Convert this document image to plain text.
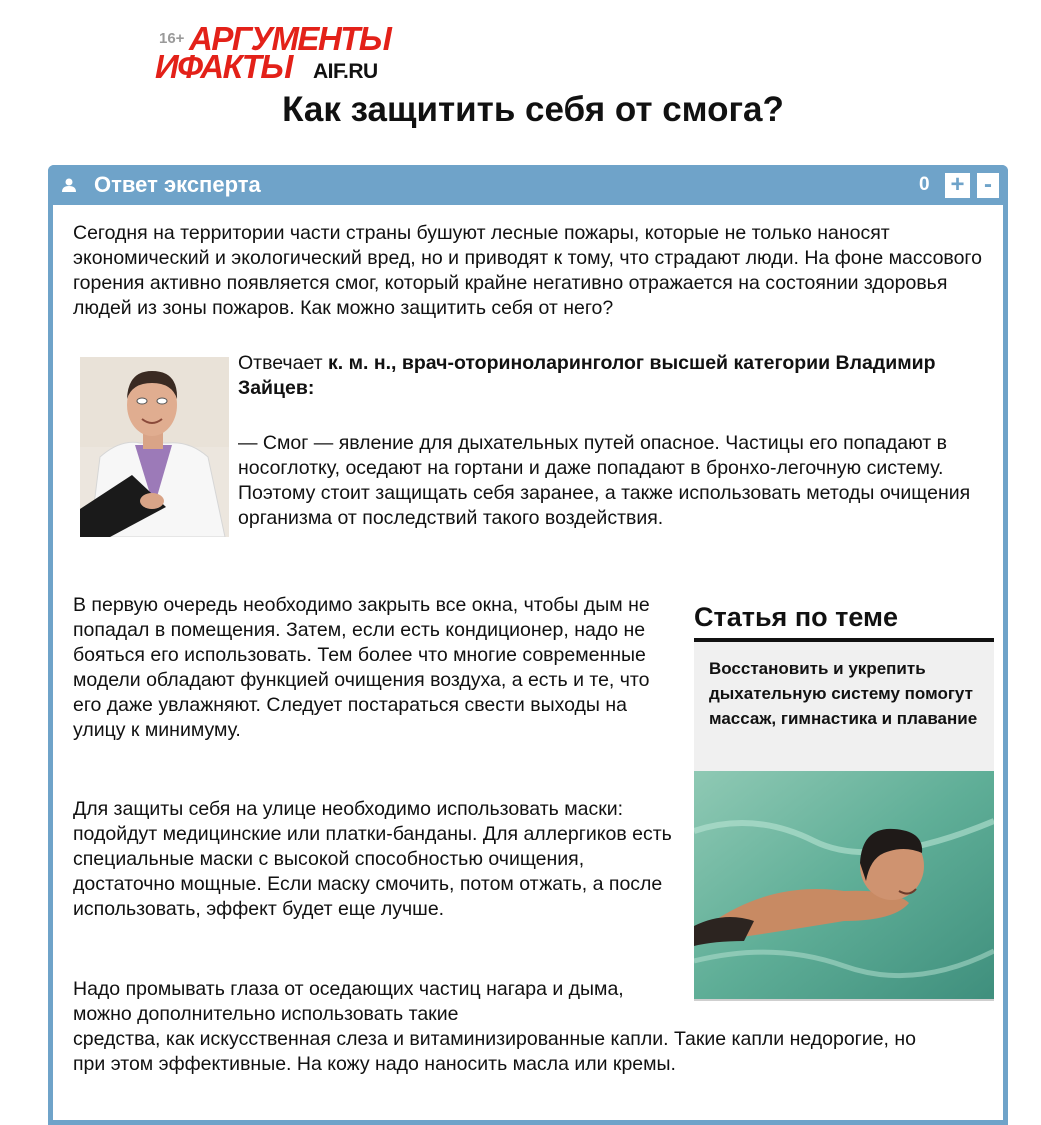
16+ АРГУМЕНТЫ
ИФАКТЫ AIF.RU
Как защитить себя от смога?
Ответ эксперта	0 + -
Сегодня на территории части страны бушуют лесные пожары, которые не только наносят экономический и экологический вред, но и приводят к тому, что страдают люди. На фоне массового горения активно появляется смог, который крайне негативно отражается на состоянии здоровья людей из зоны пожаров. Как можно защитить себя от него?
Отвечает к. м. н., врач-оториноларинголог высшей категории Владимир Зайцев:
— Смог — явление для дыхательных путей опасное. Частицы его попадают в носоглотку, оседают на гортани и даже попадают в бронхо-легочную систему. Поэтому стоит защищать себя заранее, а также использовать методы очищения организма от последствий такого воздействия.
В первую очередь необходимо закрыть все окна, чтобы дым не попадал в помещения. Затем, если есть кондиционер, надо не бояться его использовать. Тем более что многие современные модели обладают функцией очищения воздуха, а есть и те, что его даже увлажняют. Следует постараться свести выходы на улицу к минимуму.
Для защиты себя на улице необходимо использовать маски: подойдут медицинские или платки-банданы. Для аллергиков есть специальные маски с высокой способностью очищения, достаточно мощные. Если маску смочить, потом отжать, а после использовать, эффект будет еще лучше.
Надо промывать глаза от оседающих частиц нагара и дыма, можно дополнительно использовать такие
средства, как искусственная слеза и витаминизированные капли. Такие капли недорогие, но при этом эффективные. На кожу надо наносить масла или кремы.
Статья по теме
Восстановить и укрепить дыхательную систему помогут массаж, гимнастика и плавание
